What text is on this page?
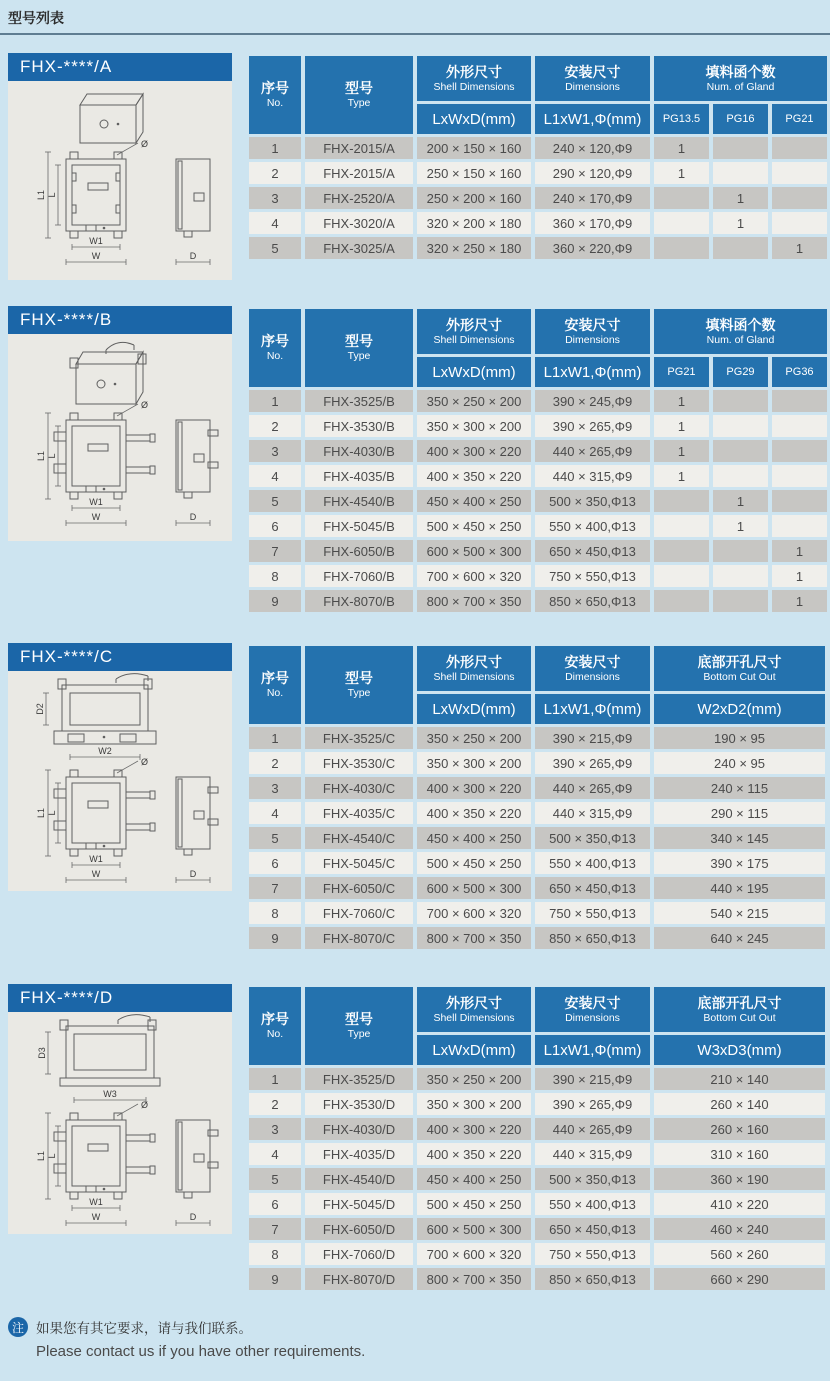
型号列表
FHX-****/A
L1 L
W1
W
Ø
D
序号
No.	型号
Type	外形尺寸
Shell Dimensions	安装尺寸
Dimensions	填料函个数
Num. of Gland		

		LxWxD(mm)	L1xW1,Φ(mm)	PG13.5	PG16	PG21
1	FHX-2015/A	200 × 150 × 160	240 × 120,Φ9	1		
2	FHX-2015/A	250 × 150 × 160	290 × 120,Φ9	1		
3	FHX-2520/A	250 × 200 × 160	240 × 170,Φ9		1	
4	FHX-3020/A	320 × 200 × 180	360 × 170,Φ9		1	
5	FHX-3025/A	320 × 250 × 180	360 × 220,Φ9			1
FHX-****/B
L1 L
W1
W
Ø
D
序号
No.	型号
Type	外形尺寸
Shell Dimensions	安装尺寸
Dimensions	填料函个数
Num. of Gland		

		LxWxD(mm)	L1xW1,Φ(mm)	PG21	PG29	PG36
1	FHX-3525/B	350 × 250 × 200	390 × 245,Φ9	1		
2	FHX-3530/B	350 × 300 × 200	390 × 265,Φ9	1		
3	FHX-4030/B	400 × 300 × 220	440 × 265,Φ9	1		
4	FHX-4035/B	400 × 350 × 220	440 × 315,Φ9	1		
5	FHX-4540/B	450 × 400 × 250	500 × 350,Φ13		1	
6	FHX-5045/B	500 × 450 × 250	550 × 400,Φ13		1	
7	FHX-6050/B	600 × 500 × 300	650 × 450,Φ13			1
8	FHX-7060/B	700 × 600 × 320	750 × 550,Φ13			1
9	FHX-8070/B	800 × 700 × 350	850 × 650,Φ13			1
FHX-****/C
D2
W2
L1 L
W1
W
Ø
D
序号
No.	型号
Type	外形尺寸
Shell Dimensions	安装尺寸
Dimensions	底部开孔尺寸
Bottom Cut Out

		LxWxD(mm)	L1xW1,Φ(mm)	W2xD2(mm)
1	FHX-3525/C	350 × 250 × 200	390 × 215,Φ9	190 × 95
2	FHX-3530/C	350 × 300 × 200	390 × 265,Φ9	240 × 95
3	FHX-4030/C	400 × 300 × 220	440 × 265,Φ9	240 × 115
4	FHX-4035/C	400 × 350 × 220	440 × 315,Φ9	290 × 115
5	FHX-4540/C	450 × 400 × 250	500 × 350,Φ13	340 × 145
6	FHX-5045/C	500 × 450 × 250	550 × 400,Φ13	390 × 175
7	FHX-6050/C	600 × 500 × 300	650 × 450,Φ13	440 × 195
8	FHX-7060/C	700 × 600 × 320	750 × 550,Φ13	540 × 215
9	FHX-8070/C	800 × 700 × 350	850 × 650,Φ13	640 × 245
FHX-****/D
D3
W3
L1 L
W1
W
Ø
D
序号
No.	型号
Type	外形尺寸
Shell Dimensions	安装尺寸
Dimensions	底部开孔尺寸
Bottom Cut Out

		LxWxD(mm)	L1xW1,Φ(mm)	W3xD3(mm)
1	FHX-3525/D	350 × 250 × 200	390 × 215,Φ9	210 × 140
2	FHX-3530/D	350 × 300 × 200	390 × 265,Φ9	260 × 140
3	FHX-4030/D	400 × 300 × 220	440 × 265,Φ9	260 × 160
4	FHX-4035/D	400 × 350 × 220	440 × 315,Φ9	310 × 160
5	FHX-4540/D	450 × 400 × 250	500 × 350,Φ13	360 × 190
6	FHX-5045/D	500 × 450 × 250	550 × 400,Φ13	410 × 220
7	FHX-6050/D	600 × 500 × 300	650 × 450,Φ13	460 × 240
8	FHX-7060/D	700 × 600 × 320	750 × 550,Φ13	560 × 260
9	FHX-8070/D	800 × 700 × 350	850 × 650,Φ13	660 × 290
注 如果您有其它要求，请与我们联系。
Please contact us if you have other requirements.
